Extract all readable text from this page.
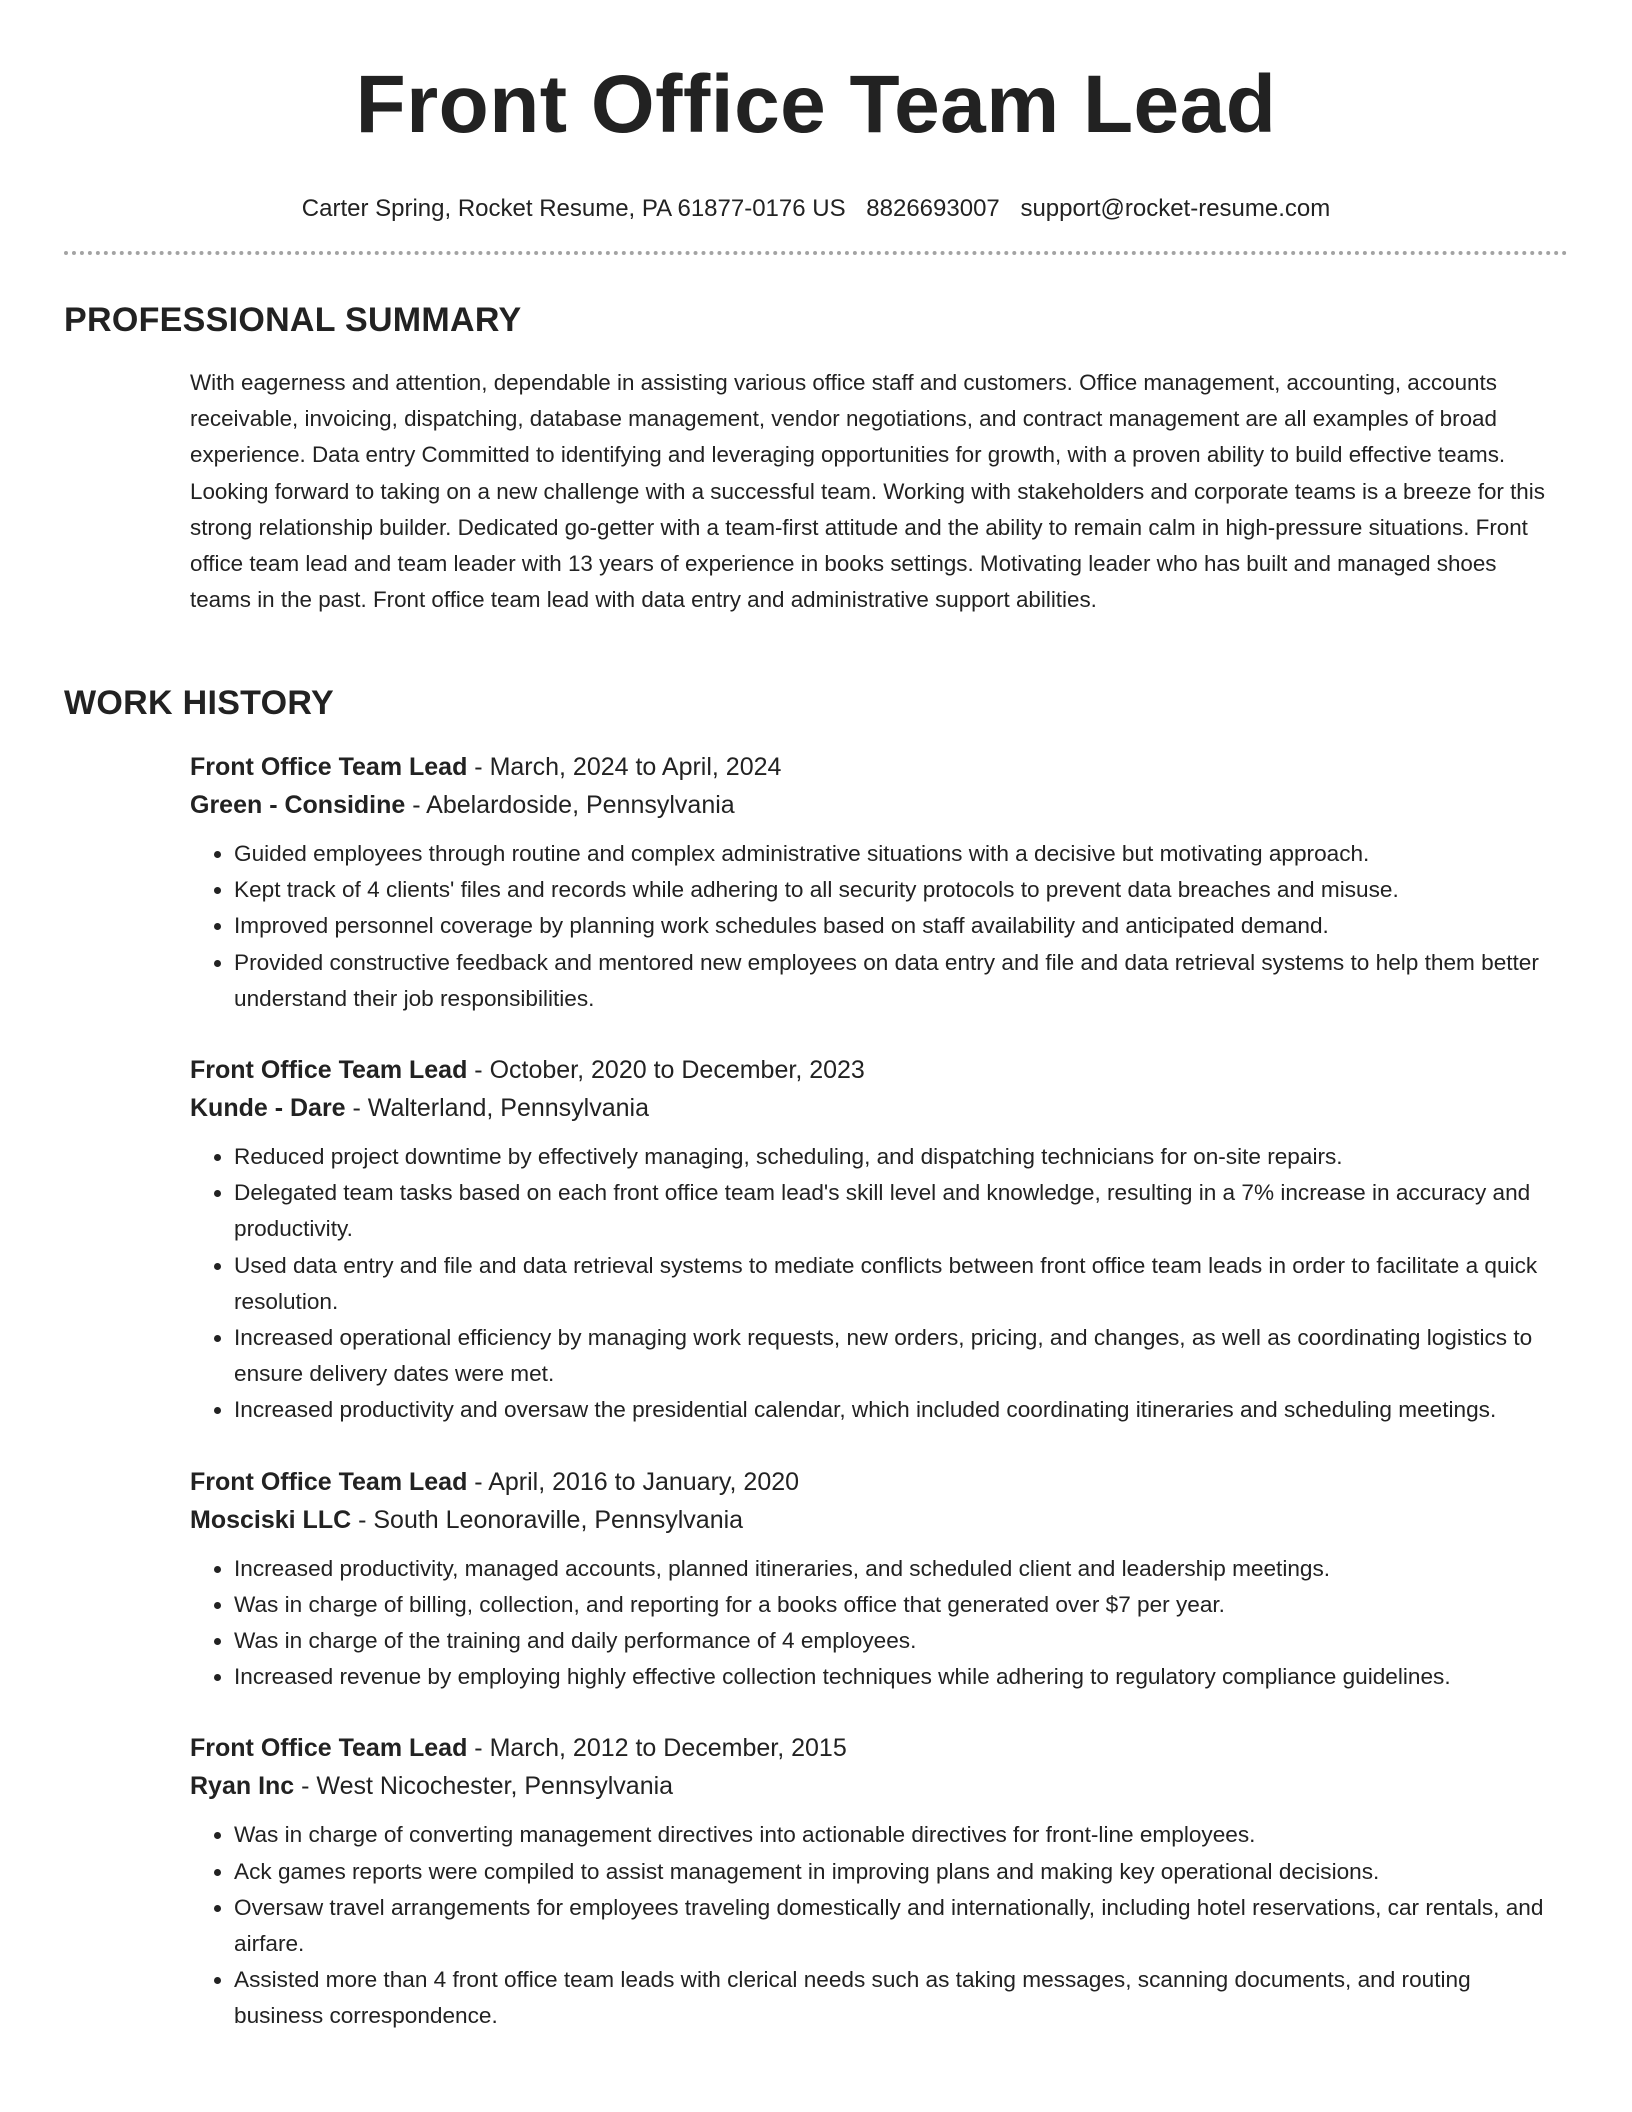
Front Office Team Lead
Carter Spring, Rocket Resume, PA 61877-0176 US 8826693007 support@rocket-resume.com
PROFESSIONAL SUMMARY

With eagerness and attention, dependable in assisting various office staff and customers. Office management, accounting, accounts receivable, invoicing, dispatching, database management, vendor negotiations, and contract management are all examples of broad experience. Data entry Committed to identifying and leveraging opportunities for growth, with a proven ability to build effective teams. Looking forward to taking on a new challenge with a successful team. Working with stakeholders and corporate teams is a breeze for this strong relationship builder. Dedicated go-getter with a team-first attitude and the ability to remain calm in high-pressure situations. Front office team lead and team leader with 13 years of experience in books settings. Motivating leader who has built and managed shoes teams in the past. Front office team lead with data entry and administrative support abilities.

WORK HISTORY
Front Office Team Lead - March, 2024 to April, 2024
Green - Considine - Abelardoside, Pennsylvania
• Guided employees through routine and complex administrative situations with a decisive but motivating approach.
• Kept track of 4 clients' files and records while adhering to all security protocols to prevent data breaches and misuse.
• Improved personnel coverage by planning work schedules based on staff availability and anticipated demand.
• Provided constructive feedback and mentored new employees on data entry and file and data retrieval systems to help them better understand their job responsibilities.
Front Office Team Lead - October, 2020 to December, 2023
Kunde - Dare - Walterland, Pennsylvania
• Reduced project downtime by effectively managing, scheduling, and dispatching technicians for on-site repairs.
• Delegated team tasks based on each front office team lead's skill level and knowledge, resulting in a 7% increase in accuracy and productivity.
• Used data entry and file and data retrieval systems to mediate conflicts between front office team leads in order to facilitate a quick resolution.
• Increased operational efficiency by managing work requests, new orders, pricing, and changes, as well as coordinating logistics to ensure delivery dates were met.
• Increased productivity and oversaw the presidential calendar, which included coordinating itineraries and scheduling meetings.
Front Office Team Lead - April, 2016 to January, 2020
Mosciski LLC - South Leonoraville, Pennsylvania
• Increased productivity, managed accounts, planned itineraries, and scheduled client and leadership meetings.
• Was in charge of billing, collection, and reporting for a books office that generated over $7 per year.
• Was in charge of the training and daily performance of 4 employees.
• Increased revenue by employing highly effective collection techniques while adhering to regulatory compliance guidelines.
Front Office Team Lead - March, 2012 to December, 2015
Ryan Inc - West Nicochester, Pennsylvania
• Was in charge of converting management directives into actionable directives for front-line employees.
• Ack games reports were compiled to assist management in improving plans and making key operational decisions.
• Oversaw travel arrangements for employees traveling domestically and internationally, including hotel reservations, car rentals, and airfare.
• Assisted more than 4 front office team leads with clerical needs such as taking messages, scanning documents, and routing business correspondence.
